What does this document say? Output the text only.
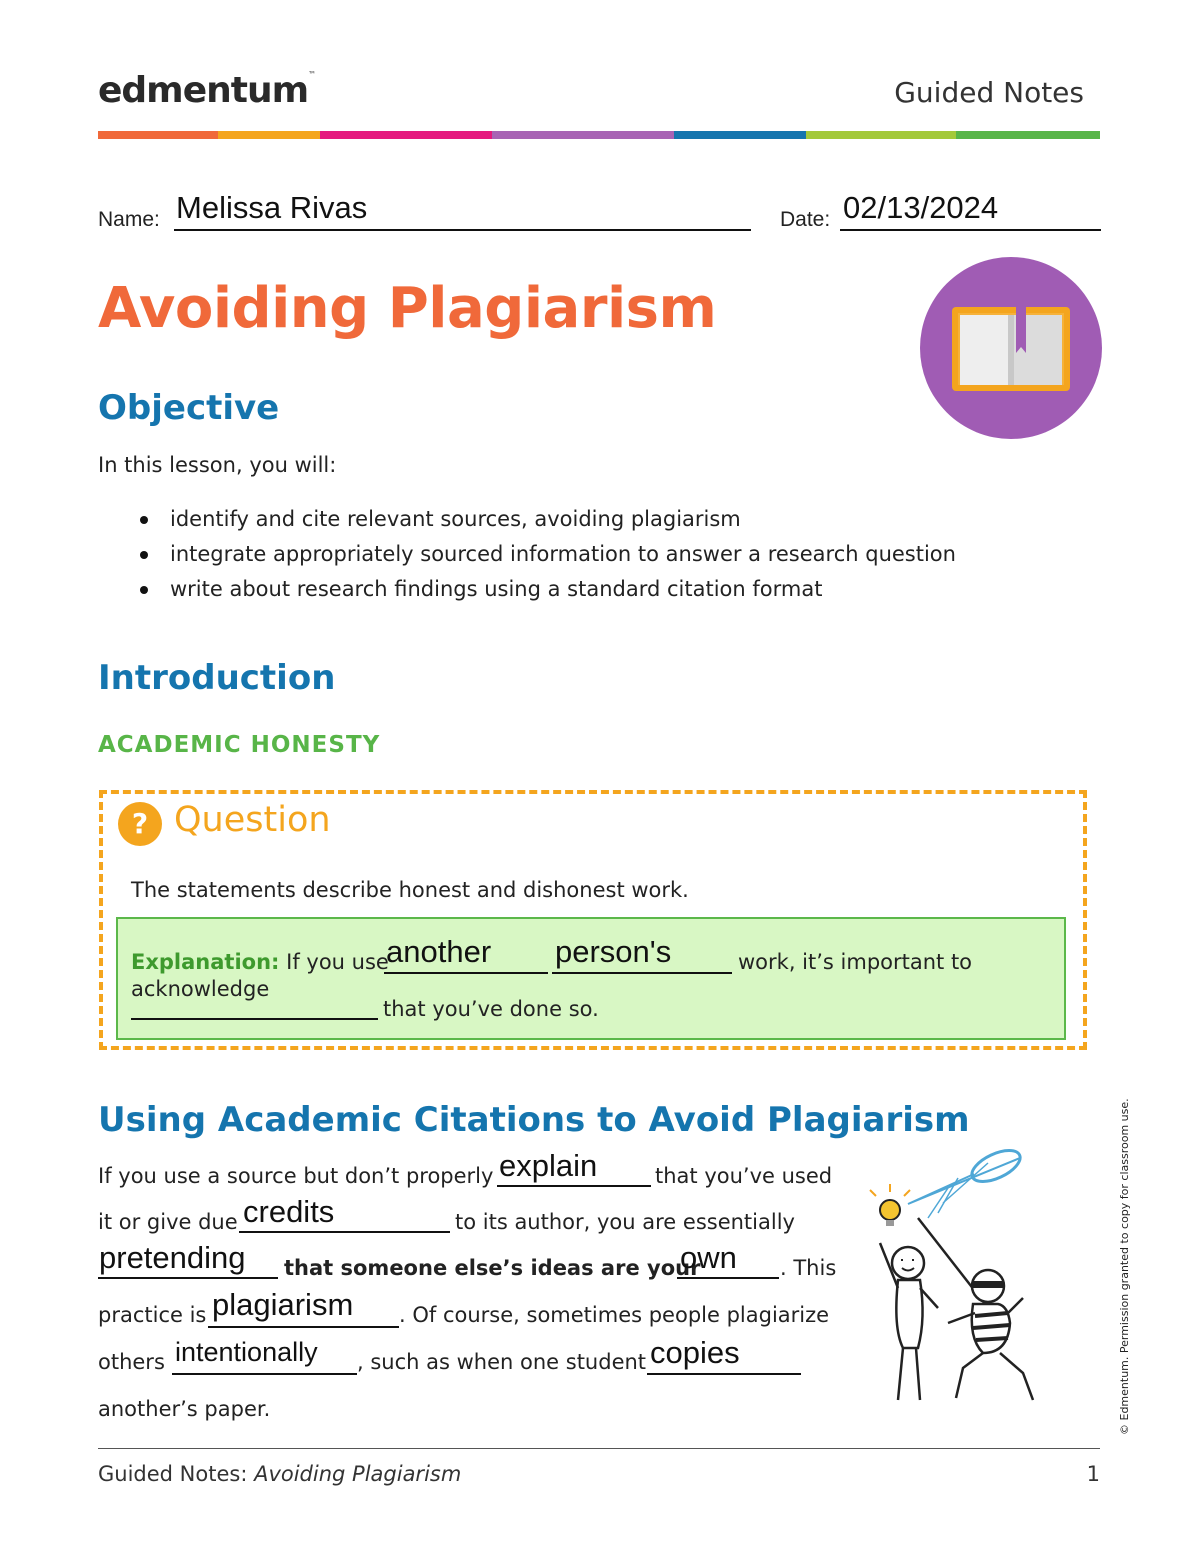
edmentum™
Guided Notes
Name: Melissa Rivas	Date: 02/13/2024
Avoiding Plagiarism
Objective
In this lesson, you will:
identify and cite relevant sources, avoiding plagiarism
integrate appropriately sourced information to answer a research question
write about research findings using a standard citation format
Introduction
ACADEMIC HONESTY
? Question
The statements describe honest and dishonest work.
Explanation: If you use
another person's	work, it’s important to
acknowledge
that you’ve done so.
Using Academic Citations to Avoid Plagiarism
If you use a source but don’t properly explain	that you’ve used
it or give due credits	to its author, you are essentially
pretending that someone else’s ideas are your
own . This
practice is plagiarism . Of course, sometimes people plagiarize
others intentionally , such as when one student copies
another’s paper.
Guided Notes: Avoiding Plagiarism	1
© Edmentum. Permission granted to copy for classroom use.
